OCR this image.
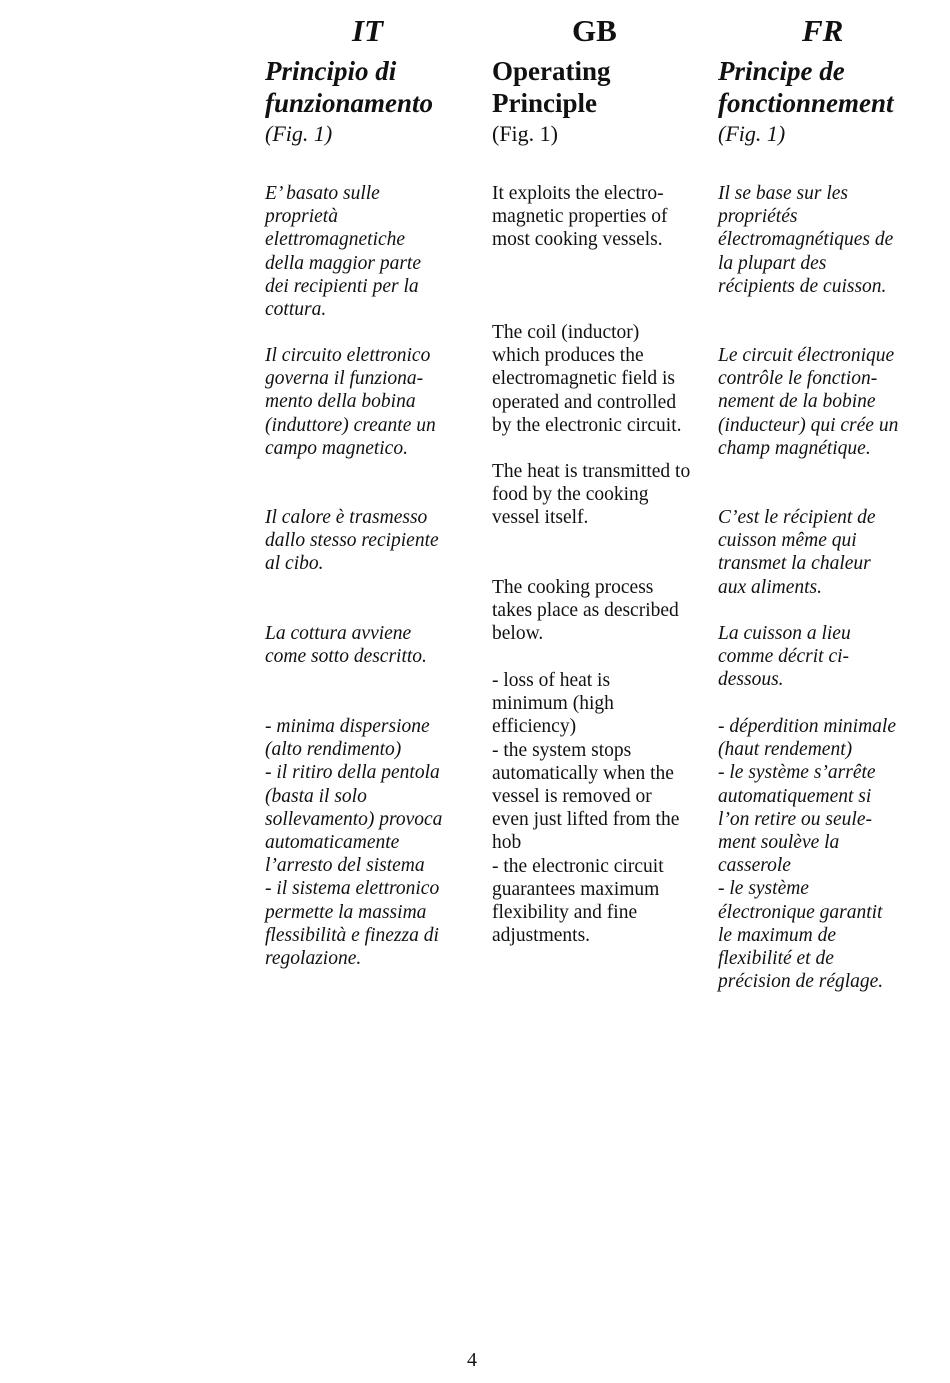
IT
Principio di
funzionamento
(Fig. 1)

E’ basato sulle
proprietà
elettromagnetiche
della maggior parte
dei recipienti per la
cottura.

Il circuito elettronico
governa il funziona-
mento della bobina
(induttore) creante un
campo magnetico.

Il calore è trasmesso
dallo stesso recipiente
al cibo.

La cottura avviene
come sotto descritto.

- minima dispersione
(alto rendimento)
- il ritiro della pentola
(basta il solo
sollevamento) provoca
automaticamente
l’arresto del sistema
- il sistema elettronico
permette la massima
flessibilità e finezza di
regolazione.

GB
Operating
Principle
(Fig. 1)

It exploits the electro-
magnetic properties of
most cooking vessels.

The coil (inductor)
which produces the
electromagnetic field is
operated and controlled
by the electronic circuit.

The heat is transmitted to
food by the cooking
vessel itself.

The cooking process
takes place as described
below.

- loss of heat is
minimum (high
efficiency)
- the system stops
automatically when the
vessel is removed or
even just lifted from the
hob
- the electronic circuit
guarantees maximum
flexibility and fine
adjustments.

FR
Principe de
fonctionnement
(Fig. 1)

Il se base sur les
propriétés
électromagnétiques de
la plupart des
récipients de cuisson.

Le circuit électronique
contrôle le fonction-
nement de la bobine
(inducteur) qui crée un
champ magnétique.

C’est le récipient de
cuisson même qui
transmet la chaleur
aux aliments.

La cuisson a lieu
comme décrit ci-
dessous.

- déperdition minimale
(haut rendement)
- le système s’arrête
automatiquement si
l’on retire ou seule-
ment soulève la
casserole
- le système
électronique garantit
le maximum de
flexibilité et de
précision de réglage.

4
